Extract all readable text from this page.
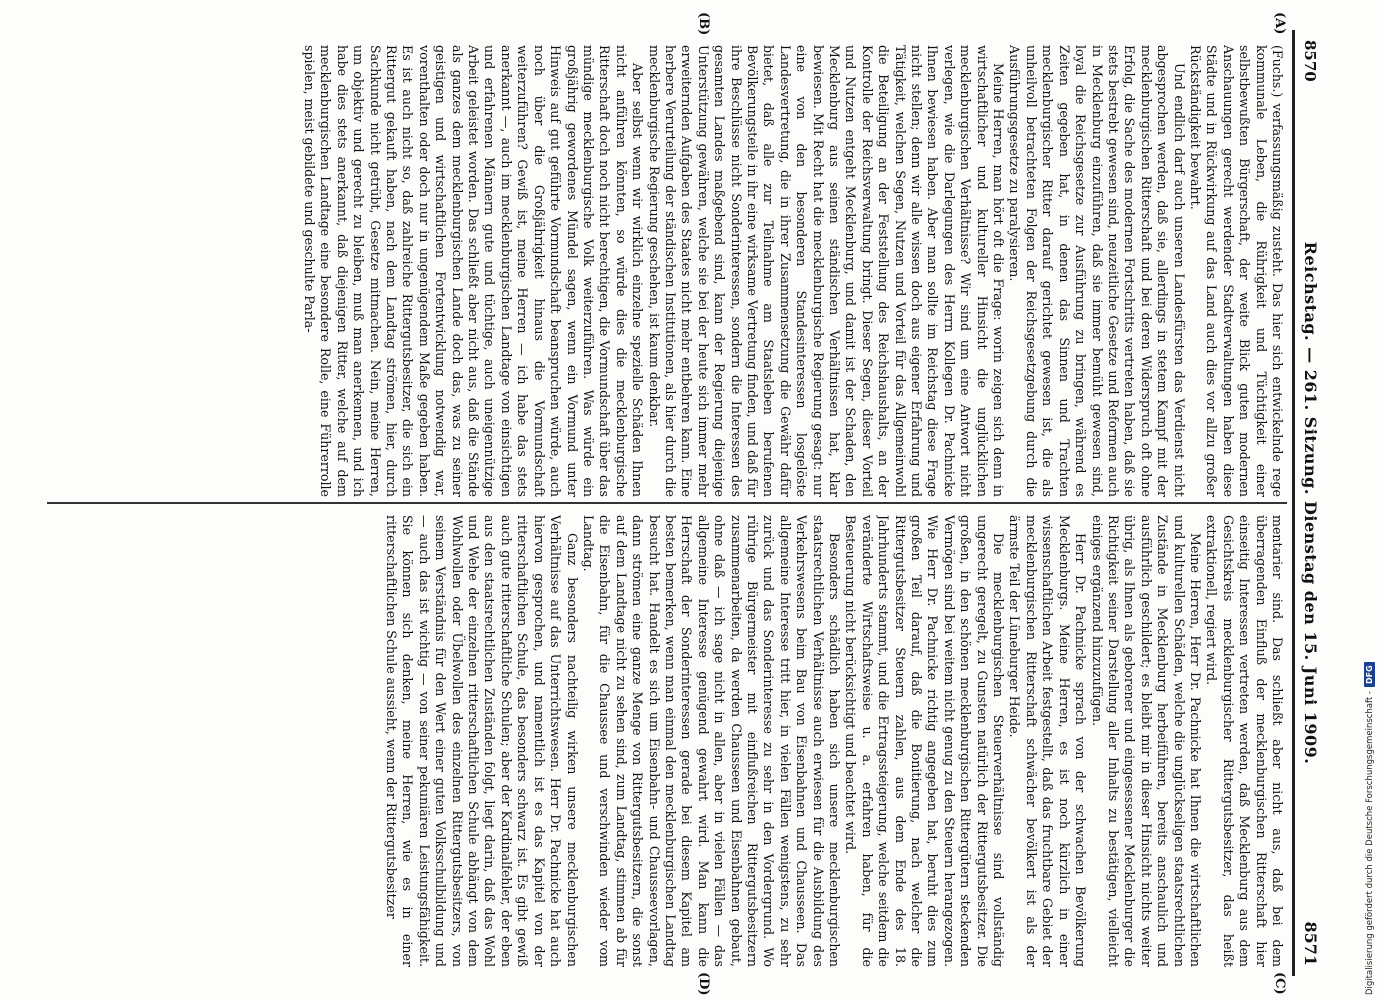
8570
Reichstag. — 261. Sitzung. Dienstag den 15. Juni 1909.
8571
(A)
(B)
(C)
(D)

(Fuchs.) verfassungsmäßig zusteht. Das hier sich entwickelnde rege kommunale Leben, die Rührigkeit und Tüchtigkeit einer selbstbewußten Bürgerschaft, der weite Blick guten modernen Anschauungen gerecht werdender Stadtverwaltungen haben diese Städte und in Rückwirkung auf das Land auch dies vor allzu großer Rückständigkeit bewahrt.

Und endlich darf auch unseren Landesfürsten das Verdienst nicht abgesprochen werden, daß sie, allerdings in stetem Kampf mit der mecklenburgischen Ritterschaft und bei deren Widerspruch oft ohne Erfolg, die Sache des modernen Fortschritts vertreten haben, daß sie stets bestrebt gewesen sind, neuzeitliche Gesetze und Reformen auch in Mecklenburg einzuführen, daß sie immer bemüht gewesen sind, loyal die Reichsgesetze zur Ausführung zu bringen, während es Zeiten gegeben hat, in denen das Sinnen und Trachten mecklenburgischer Ritter darauf gerichtet gewesen ist, die als unheilvoll betrachteten Folgen der Reichsgesetzgebung durch die Ausführungsgesetze zu paralysieren.

Meine Herren, man hört oft die Frage: worin zeigen sich denn in wirtschaftlicher und kultureller Hinsicht die unglücklichen mecklenburgischen Verhältnisse? Wir sind um eine Antwort nicht verlegen, wie die Darlegungen des Herrn Kollegen Dr. Pachnicke Ihnen bewiesen haben. Aber man sollte im Reichstag diese Frage nicht stellen; denn wir alle wissen doch aus eigener Erfahrung und Tätigkeit, welchen Segen, Nutzen und Vorteil für das Allgemeinwohl die Beteiligung an der Feststellung des Reichshaushalts, an der Kontrolle der Reichsverwaltung bringt. Dieser Segen, dieser Vorteil und Nutzen entgeht Mecklenburg, und damit ist der Schaden, den Mecklenburg aus seinen ständischen Verhältnissen hat, klar bewiesen. Mit Recht hat die mecklenburgische Regierung gesagt: nur eine von den besonderen Standesinteressen losgelöste Landesvertretung, die in ihrer Zusammensetzung die Gewähr dafür bietet, daß alle zur Teilnahme am Staatsleben berufenen Bevölkerungsteile in ihr eine wirksame Vertretung finden, und daß für ihre Beschlüsse nicht Sonderinteressen, sondern die Interessen des gesamten Landes maßgebend sind, kann der Regierung diejenige Unterstützung gewähren, welche sie bei der heute sich immer mehr erweiternden Aufgaben des Staates nicht mehr entbehren kann. Eine herbere Verurteilung der ständischen Institutionen, als hier durch die mecklenburgische Regierung geschehen, ist kaum denkbar.

Aber selbst wenn wir wirklich einzelne spezielle Schäden Ihnen nicht anführen könnten, so würde dies die mecklenburgische Ritterschaft doch noch nicht berechtigen, die Vormundschaft über das mündige mecklenburgische Volk weiterzuführen. Was würde ein großjährig gewordenes Mündel sagen, wenn ein Vormund unter Hinweis auf gut geführte Vormundschaft beanspruchen würde, auch noch über die Großjährigkeit hinaus die Vormundschaft weiterzuführen? Gewiß ist, meine Herren — ich habe das stets anerkannt —, auch im mecklenburgischen Landtage von einsichtigen und erfahrenen Männern gute und tüchtige, auch uneigennützige Arbeit geleistet worden. Das schließt aber nicht aus, daß die Stände als ganzes dem mecklenburgischen Lande doch das, was zu seiner geistigen und wirtschaftlichen Fortentwicklung notwendig war, vorenthalten oder doch nur in ungenügendem Maße gegeben haben. Es ist auch nicht so, daß zahlreiche Rittergutsbesitzer, die sich ein Rittergut gekauft haben, nach dem Landtag strömen, hier, durch Sachkunde nicht getrübt, Gesetze mitmachen. Nein, meine Herren, um objektiv und gerecht zu bleiben, muß man anerkennen, und ich habe dies stets anerkannt, daß diejenigen Ritter, welche auf dem mecklenburgischen Landtage eine besondere Rolle, eine Führerrolle spielen, meist gebildete und geschulte Parla-

mentarier sind. Das schließt aber nicht aus, daß bei dem überragenden Einfluß der mecklenburgischen Ritterschaft hier einseitig Interessen vertreten werden, daß Mecklenburg aus dem Gesichtskreis mecklenburgischer Rittergutsbesitzer, das heißt extraktionell, regiert wird.

Meine Herren, Herr Dr. Pachnicke hat Ihnen die wirtschaftlichen und kulturellen Schäden, welche die unglückseligen staatsrechtlichen Zustände in Mecklenburg herbeiführen, bereits anschaulich und ausführlich geschildert; es bleibt mir in dieser Hinsicht nichts weiter übrig, als Ihnen als geborener und eingesessener Mecklenburger die Richtigkeit seiner Darstellung aller Inhalts zu bestätigen, vielleicht einiges ergänzend hinzuzufügen.

Herr Dr. Pachnicke sprach von der schwachen Bevölkerung Mecklenburgs. Meine Herren, es ist noch kürzlich in einer wissenschaftlichen Arbeit festgestellt, daß das fruchtbare Gebiet der mecklenburgischen Ritterschaft schwächer bevölkert ist als der ärmste Teil der Lüneburger Heide.

Die mecklenburgischen Steuerverhältnisse sind vollständig ungerecht geregelt, zu Gunsten natürlich der Rittergutsbesitzer. Die großen, in den schönen mecklenburgischen Rittergütern steckenden Vermögen sind bei weitem nicht genug zu den Steuern herangezogen. Wie Herr Dr. Pachnicke richtig angegeben hat, beruht dies zum großen Teil darauf, daß die Bonitierung, nach welcher die Rittergutsbesitzer Steuern zahlen, aus dem Ende des 18. Jahrhunderts stammt, und die Ertragssteigerung, welche seitdem die veränderte Wirtschaftsweise u. a. erfahren haben, für die Besteuerung nicht berücksichtigt und beachtet wird.

Besonders schädlich haben sich unsere mecklenburgischen staatsrechtlichen Verhältnisse auch erwiesen für die Ausbildung des Verkehrswesens beim Bau von Eisenbahnen und Chausseen. Das allgemeine Interesse tritt hier, in vielen Fällen wenigstens, zu sehr zurück und das Sonderinteresse zu sehr in den Vordergrund. Wo rührige Bürgermeister mit einflußreichen Rittergutsbesitzern zusammenarbeiten, da werden Chausseen und Eisenbahnen gebaut, ohne daß — ich sage nicht in allen, aber in vielen Fällen — das allgemeine Interesse genügend gewahrt wird. Man kann die Herrschaft der Sonderinteressen gerade bei diesem Kapitel am besten bemerken, wenn man einmal den mecklenburgischen Landtag besucht hat. Handelt es sich um Eisenbahn- und Chausseevorlagen, dann strömen eine ganze Menge von Rittergutsbesitzern, die sonst auf dem Landtage nicht zu sehen sind, zum Landtag, stimmen ab für die Eisenbahn, für die Chaussee und verschwinden wieder vom Landtag.

Ganz besonders nachteilig wirken unsere mecklenburgischen Verhältnisse auf das Unterrichtswesen. Herr Dr. Pachnicke hat auch hiervon gesprochen, und namentlich ist es das Kapitel von der ritterschaftlichen Schule, das besonders schwarz ist. Es gibt gewiß auch gute ritterschaftliche Schulen; aber der Kardinalfehler, der eben aus den staatsrechtlichen Zuständen folgt, liegt darin, daß das Wohl und Wehe der einzelnen ritterschaftlichen Schule abhängt von dem Wohlwollen oder Übelwollen des einzelnen Rittergutsbesitzers, von seinem Verständnis für den Wert einer guten Volksschulbildung und — auch das ist wichtig — von seiner pekuniären Leistungsfähigkeit. Sie können sich denken, meine Herren, wie es in einer ritterschaftlichen Schule aussieht, wenn der Rittergutsbesitzer	Digitalisierung gefördert durch die Deutsche Forschungsgemeinschaft -
DFG
